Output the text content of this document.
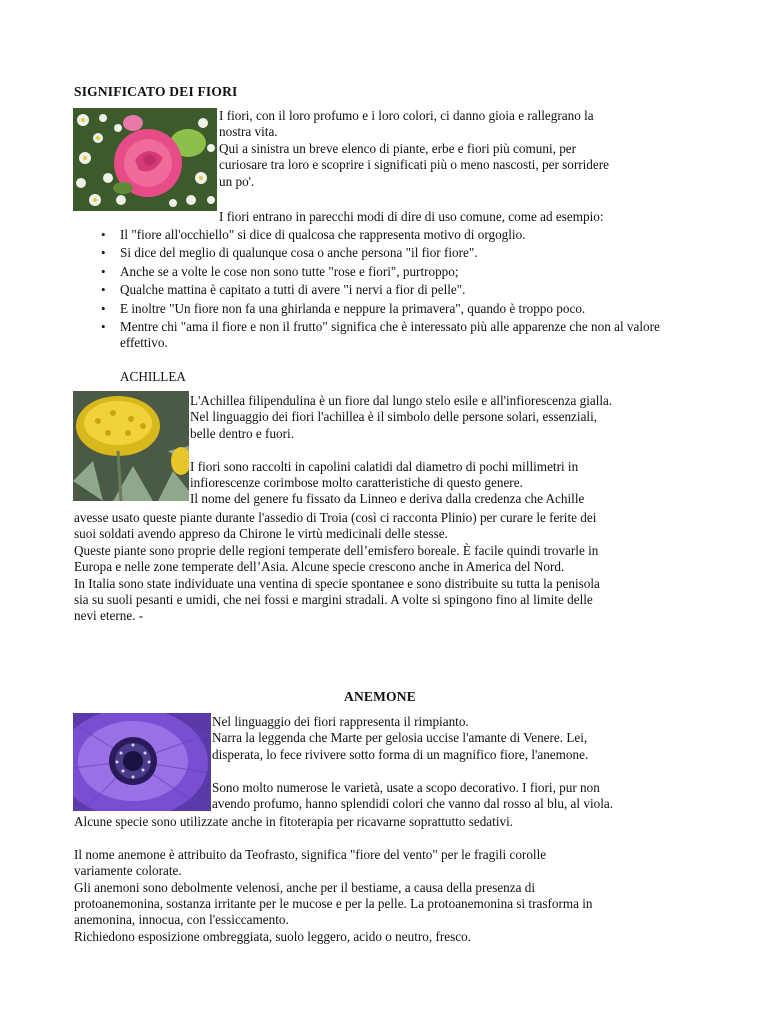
SIGNIFICATO DEI FIORI
I fiori, con il loro profumo e i loro colori, ci danno gioia e rallegrano la
nostra vita.
Qui a sinistra un breve elenco di piante, erbe e fiori più comuni, per
curiosare tra loro e scoprire i significati più o meno nascosti, per sorridere
un po'.
I fiori entrano in parecchi modi di dire di uso comune, come ad esempio:
• Il "fiore all'occhiello" si dice di qualcosa che rappresenta motivo di orgoglio.
• Si dice del meglio di qualunque cosa o anche persona "il fior fiore".
• Anche se a volte le cose non sono tutte "rose e fiori", purtroppo;
• Qualche mattina è capitato a tutti di avere "i nervi a fior di pelle".
• E inoltre "Un fiore non fa una ghirlanda e neppure la primavera", quando è troppo poco.
• Mentre chi "ama il fiore e non il frutto" significa che è interessato più alle apparenze che non al valore effettivo.
ACHILLEA
L'Achillea filipendulina è un fiore dal lungo stelo esile e all'infiorescenza gialla.
Nel linguaggio dei fiori l'achillea è il simbolo delle persone solari, essenziali,
belle dentro e fuori.
I fiori sono raccolti in capolini calatidi dal diametro di pochi millimetri in
infiorescenze corimbose molto caratteristiche di questo genere.
Il nome del genere fu fissato da Linneo e deriva dalla credenza che Achille
avesse usato queste piante durante l'assedio di Troia (così ci racconta Plinio) per curare le ferite dei
suoi soldati avendo appreso da Chirone le virtù medicinali delle stesse.
Queste piante sono proprie delle regioni temperate dell’emisfero boreale. È facile quindi trovarle in
Europa e nelle zone temperate dell’Asia. Alcune specie crescono anche in America del Nord.
In Italia sono state individuate una ventina di specie spontanee e sono distribuite su tutta la penisola
sia su suoli pesanti e umidi, che nei fossi e margini stradali. A volte si spingono fino al limite delle
nevi eterne. -
ANEMONE
Nel linguaggio dei fiori rappresenta il rimpianto.
Narra la leggenda che Marte per gelosia uccise l'amante di Venere. Lei,
disperata, lo fece rivivere sotto forma di un magnifico fiore, l'anemone.
Sono molto numerose le varietà, usate a scopo decorativo. I fiori, pur non
avendo profumo, hanno splendidi colori che vanno dal rosso al blu, al viola.
Alcune specie sono utilizzate anche in fitoterapia per ricavarne soprattutto sedativi.
Il nome anemone è attribuito da Teofrasto, significa "fiore del vento" per le fragili corolle
variamente colorate.
Gli anemoni sono debolmente velenosi, anche per il bestiame, a causa della presenza di
protoanemonina, sostanza irritante per le mucose e per la pelle. La protoanemonina si trasforma in
anemonina, innocua, con l'essiccamento.
Richiedono esposizione ombreggiata, suolo leggero, acido o neutro, fresco.
